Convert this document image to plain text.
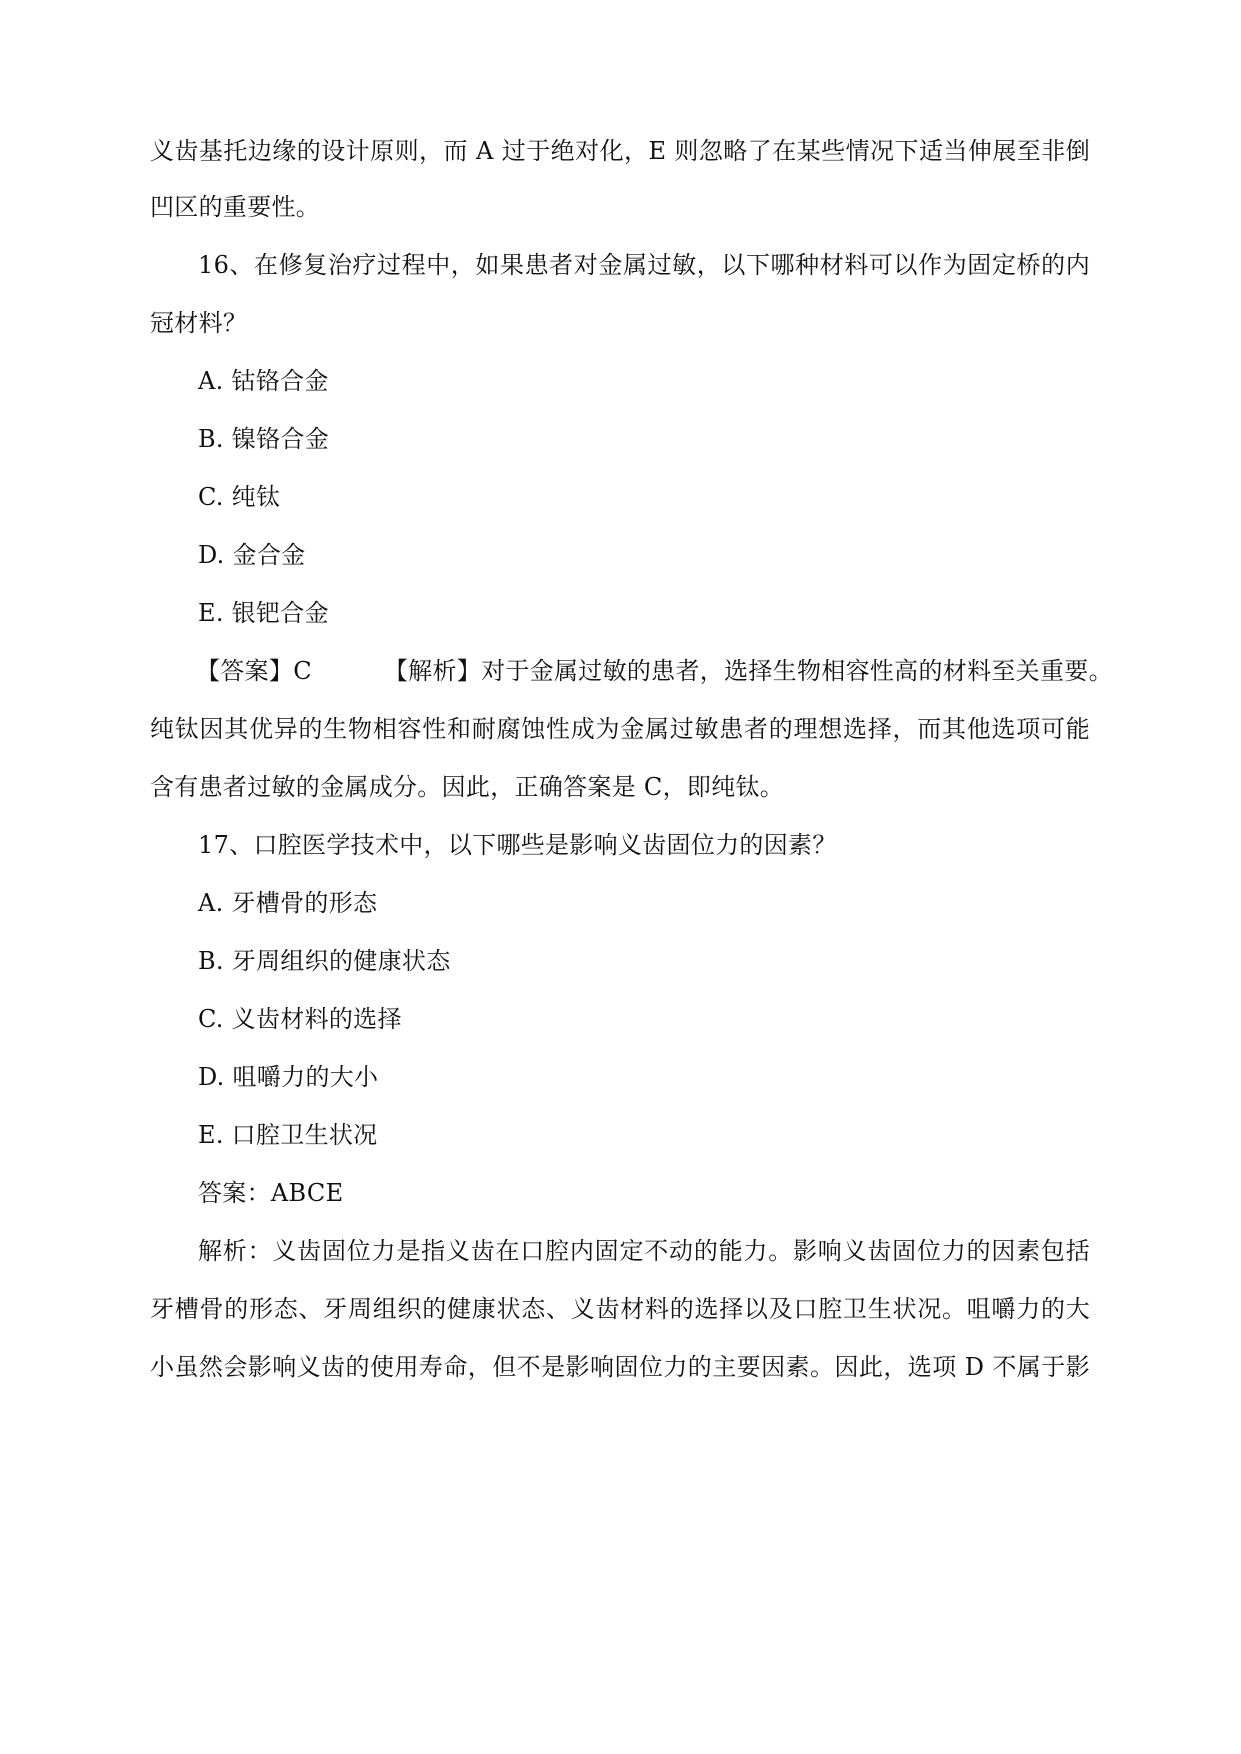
义齿基托边缘的设计原则，而 A 过于绝对化，E 则忽略了在某些情况下适当伸展至非倒
凹区的重要性。
16、在修复治疗过程中，如果患者对金属过敏，以下哪种材料可以作为固定桥的内
冠材料？
A. 钴铬合金
B. 镍铬合金
C. 纯钛
D. 金合金
E. 银钯合金
【答案】C	【解析】对于金属过敏的患者，选择生物相容性高的材料至关重要。
纯钛因其优异的生物相容性和耐腐蚀性成为金属过敏患者的理想选择，而其他选项可能
含有患者过敏的金属成分。因此，正确答案是 C，即纯钛。
17、口腔医学技术中，以下哪些是影响义齿固位力的因素？
A. 牙槽骨的形态
B. 牙周组织的健康状态
C. 义齿材料的选择
D. 咀嚼力的大小
E. 口腔卫生状况
答案：ABCE
解析：义齿固位力是指义齿在口腔内固定不动的能力。影响义齿固位力的因素包括
牙槽骨的形态、牙周组织的健康状态、义齿材料的选择以及口腔卫生状况。咀嚼力的大
小虽然会影响义齿的使用寿命，但不是影响固位力的主要因素。因此，选项 D 不属于影
